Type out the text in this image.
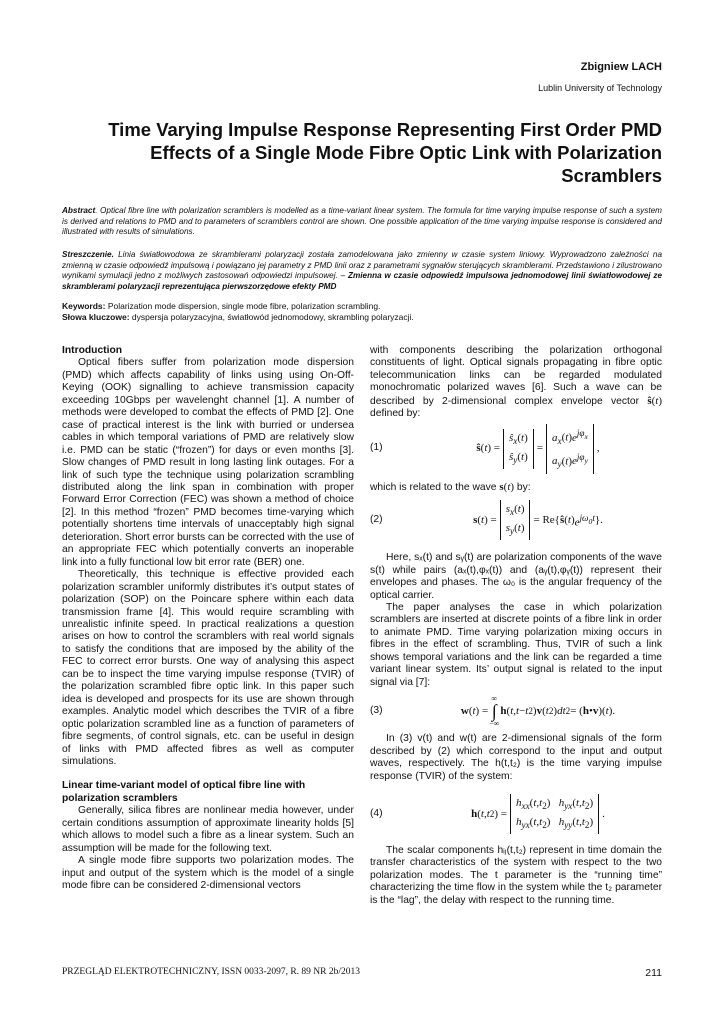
Zbigniew LACH
Lublin University of Technology
Time Varying Impulse Response Representing First Order PMD Effects of a Single Mode Fibre Optic Link with Polarization Scramblers
Abstract. Optical fibre line with polarization scramblers is modelled as a time-variant linear system. The formula for time varying impulse response of such a system is derived and relations to PMD and to parameters of scramblers control are shown. One possible application of the time varying impulse response is considered and illustrated with results of simulations.
Streszczenie. Linia światłowodowa ze skramblerami polaryzacji została zamodelowana jako zmienny w czasie system liniowy. Wyprowadzono zależności na zmienną w czasie odpowiedź impulsową i powiązano jej parametry z PMD linii oraz z parametrami sygnałów sterujących skramblerami. Przedstawiono i zilustrowano wynikami symulacji jedno z możliwych zastosowań odpowiedzi impulsowej. – Zmienna w czasie odpowiedź impulsowa jednomodowej linii światłowodowej ze skramblerami polaryzacji reprezentująca pierwszorzędowe efekty PMD
Keywords: Polarization mode dispersion, single mode fibre, polarization scrambling.
Słowa kluczowe: dyspersja polaryzacyjna, światłowód jednomodowy, skrambling polaryzacji.
Introduction

Optical fibers suffer from polarization mode dispersion (PMD) which affects capability of links using using On-Off-Keying (OOK) signalling to achieve transmission capacity exceeding 10Gbps per wavelenght channel [1]. A number of methods were developed to combat the effects of PMD [2]. One case of practical interest is the link with burried or undersea cables in which temporal variations of PMD are relatively slow i.e. PMD can be static (“frozen”) for days or even months [3]. Slow changes of PMD result in long lasting link outages. For a link of such type the technique using polarization scrambling distributed along the link span in combination with proper Forward Error Correction (FEC) was shown a method of choice [2]. In this method “frozen” PMD becomes time-varying which potentially shortens time intervals of unacceptably high signal deterioration. Short error bursts can be corrected with the use of an appropriate FEC which potentially converts an inoperable link into a fully functional low bit error rate (BER) one.

Theoretically, this technique is effective provided each polarization scrambler uniformly distributes it’s output states of polarization (SOP) on the Poincare sphere within each data transmission frame [4]. This would require scrambling with unrealistic infinite speed. In practical realizations a question arises on how to control the scramblers with real world signals to satisfy the conditions that are imposed by the ability of the FEC to correct error bursts. One way of analysing this aspect can be to inspect the time varying impulse response (TVIR) of the polarization scrambled fibre optic link. In this paper such idea is developed and prospects for its use are shown through examples. Analytic model which describes the TVIR of a fibre optic polarization scrambled line as a function of parameters of fibre segments, of control signals, etc. can be useful in design of links with PMD affected fibres as well as computer simulations.

Linear time-variant model of optical fibre line with polarization scramblers

Generally, silica fibres are nonlinear media however, under certain conditions assumption of approximate linearity holds [5] which allows to model such a fibre as a linear system. Such an assumption will be made for the following text.

A single mode fibre supports two polarization modes. The input and output of the system which is the model of a single mode fibre can be considered 2-dimensional vectors

with components describing the polarization orthogonal constituents of light. Optical signals propagating in fibre optic telecommunication links can be regarded modulated monochromatic polarized waves [6]. Such a wave can be described by 2-dimensional complex envelope vector ŝ(t) defined by:

(1)	ŝ ( t ) =
$ŝ_x(t)$
$ŝ_y(t)$
=
$a_x(t)e^{j\varphi_x}$
$a_y(t)e^{j\varphi_y}$
,

which is related to the wave s(t) by:

(2)	s ( t ) =
$s_x(t)$
$s_y(t)$
= Re{ ŝ ( t ) $e^{j\omega_0t}$ }.

Here, sₓ(t) and sᵧ(t) are polarization components of the wave s(t) while pairs (aₓ(t),φₓ(t)) and (aᵧ(t),φᵧ(t)) represent their envelopes and phases. The ω₀ is the angular frequency of the optical carrier.

The paper analyses the case in which polarization scramblers are inserted at discrete points of a fibre link in order to animate PMD. Time varying polarization mixing occurs in fibres in the effect of scrambling. Thus, TVIR of such a link shows temporal variations and the link can be regarded a time variant linear system. Its’ output signal is related to the input signal via [7]:

(3)	w ( t ) =
∞
∫
−∞
h ( t , t − t 2 ) v ( t 2 ) dt 2 = ( h • v )( t ).

In (3) v(t) and w(t) are 2-dimensional signals of the form described by (2) which correspond to the input and output waves, respectively. The h(t,t₂) is the time varying impulse response (TVIR) of the system:

(4)	h ( t , t 2 ) =
$h_{xx}(t,t_2)$   $h_{yx}(t,t_2)$
$h_{yx}(t,t_2)$   $h_{yy}(t,t_2)$
.

The scalar components hᵢⱼ(t,t₂) represent in time domain the transfer characteristics of the system with respect to the two polarization modes. The t parameter is the “running time” characterizing the time flow in the system while the t₂ parameter is the “lag”, the delay with respect to the running time.

PRZEGLĄD ELEKTROTECHNICZNY, ISSN 0033-2097, R. 89 NR 2b/2013	211
